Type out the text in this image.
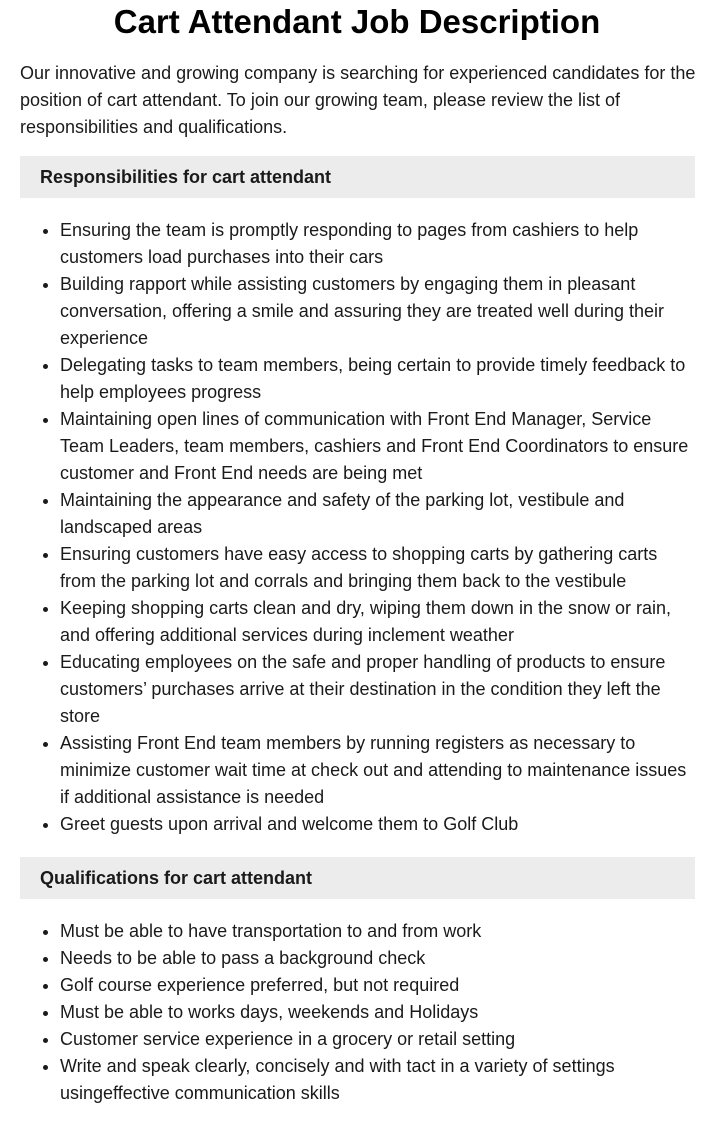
Cart Attendant Job Description

Our innovative and growing company is searching for experienced candidates for the position of cart attendant. To join our growing team, please review the list of responsibilities and qualifications.

Responsibilities for cart attendant
• Ensuring the team is promptly responding to pages from cashiers to help customers load purchases into their cars
• Building rapport while assisting customers by engaging them in pleasant conversation, offering a smile and assuring they are treated well during their experience
• Delegating tasks to team members, being certain to provide timely feedback to help employees progress
• Maintaining open lines of communication with Front End Manager, Service Team Leaders, team members, cashiers and Front End Coordinators to ensure customer and Front End needs are being met
• Maintaining the appearance and safety of the parking lot, vestibule and landscaped areas
• Ensuring customers have easy access to shopping carts by gathering carts from the parking lot and corrals and bringing them back to the vestibule
• Keeping shopping carts clean and dry, wiping them down in the snow or rain, and offering additional services during inclement weather
• Educating employees on the safe and proper handling of products to ensure customers’ purchases arrive at their destination in the condition they left the store
• Assisting Front End team members by running registers as necessary to minimize customer wait time at check out and attending to maintenance issues if additional assistance is needed
• Greet guests upon arrival and welcome them to Golf Club
Qualifications for cart attendant
• Must be able to have transportation to and from work
• Needs to be able to pass a background check
• Golf course experience preferred, but not required
• Must be able to works days, weekends and Holidays
• Customer service experience in a grocery or retail setting
• Write and speak clearly, concisely and with tact in a variety of settings usingeffective communication skills
